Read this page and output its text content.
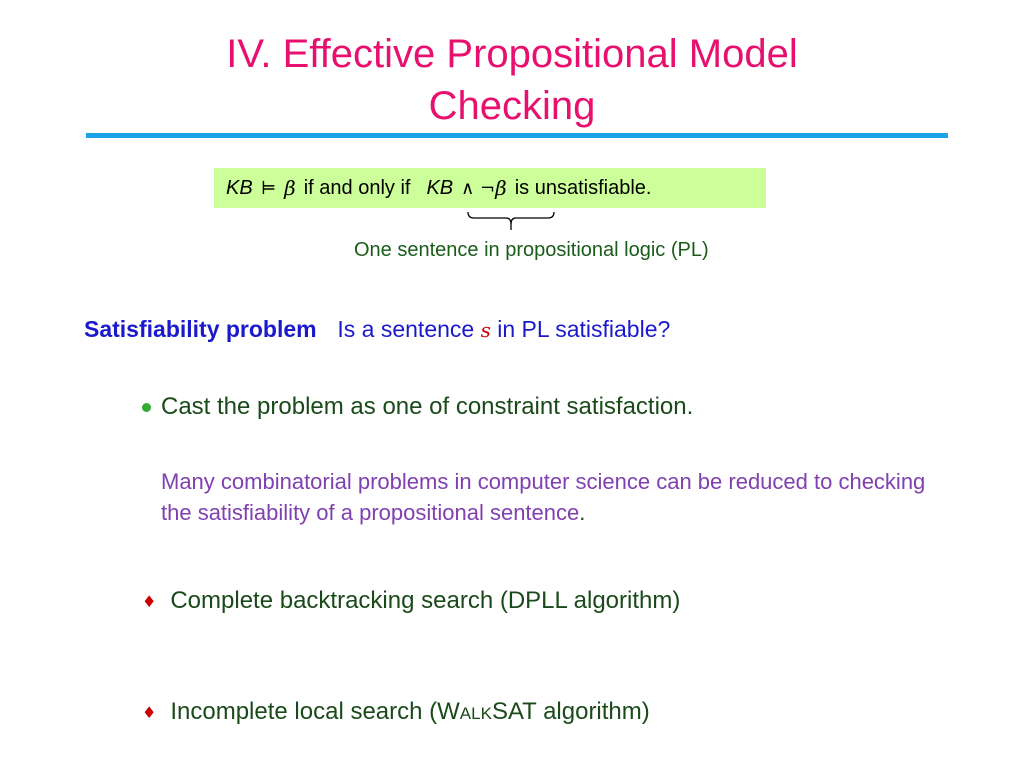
IV. Effective Propositional Model
Checking
KB ⊨ β if and only if KB ∧ ¬ β is unsatisfiable.
One sentence in propositional logic (PL)
Satisfiability problem Is a sentence s in PL satisfiable?
Cast the problem as one of constraint satisfaction.
Many combinatorial problems in computer science can be reduced to checking the satisfiability of a propositional sentence.
♦ Complete backtracking search (DPLL algorithm)
♦ Incomplete local search (WALKSAT algorithm)
